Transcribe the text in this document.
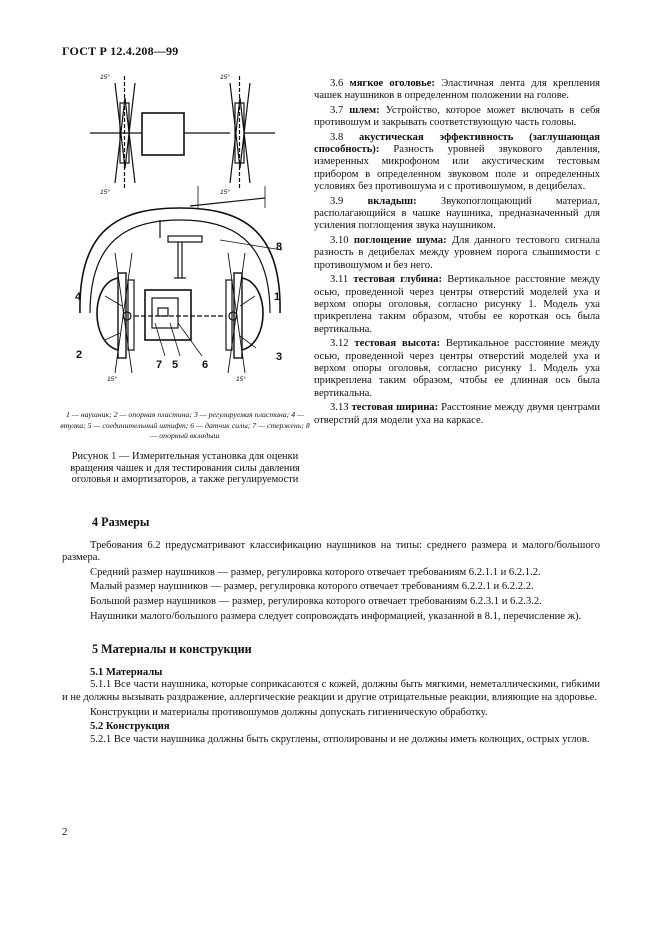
ГОСТ Р 12.4.208—99
15°	15°
15°	15°
15°	15°
1
2	3
4
5 6
7
8
1 — наушник; 2 — опорная пластина; 3 — регулируемая пластина; 4 — втулка; 5 — соединительный штифт; 6 — датчик силы; 7 — стержень; 8 — опорный вкладыш
Рисунок 1 — Измерительная установка для оценки вращения чашек и для тестирования силы давления оголовья и амортизаторов, а также регулируемости

3.6 мягкое оголовье: Эластичная лента для крепления чашек наушников в определенном положении на голове.

3.7 шлем: Устройство, которое может включать в себя противошум и закрывать соответствующую часть головы.

3.8 акустическая эффективность (заглушающая способность): Разность уровней звукового давления, измеренных микрофоном или акустическим тестовым прибором в определенном звуковом поле и определенных условиях без противошума и с противошумом, в децибелах.

3.9 вкладыш: Звукопоглощающий материал, располагающийся в чашке наушника, предназначенный для усиления поглощения звука наушником.

3.10 поглощение шума: Для данного тестового сигнала разность в децибелах между уровнем порога слышимости с противошумом и без него.

3.11 тестовая глубина: Вертикальное расстояние между осью, проведенной через центры отверстий моделей уха и верхом опоры оголовья, согласно рисунку 1. Модель уха прикреплена таким образом, чтобы ее короткая ось была вертикальна.

3.12 тестовая высота: Вертикальное расстояние между осью, проведенной через центры отверстий моделей уха и верхом опоры оголовья, согласно рисунку 1. Модель уха прикреплена таким образом, чтобы ее длинная ось была вертикальна.

3.13 тестовая ширина: Расстояние между двумя центрами отверстий для модели уха на каркасе.

4 Размеры

Требования 6.2 предусматривают классификацию наушников на типы: среднего размера и малого/большого размера.

Средний размер наушников — размер, регулировка которого отвечает требованиям 6.2.1.1 и 6.2.1.2.

Малый размер наушников — размер, регулировка которого отвечает требованиям 6.2.2.1 и 6.2.2.2.

Большой размер наушников — размер, регулировка которого отвечает требованиям 6.2.3.1 и 6.2.3.2.

Наушники малого/большого размера следует сопровождать информацией, указанной в 8.1, перечисление ж).

5 Материалы и конструкции
5.1 Материалы

5.1.1 Все части наушника, которые соприкасаются с кожей, должны быть мягкими, неметаллическими, гибкими и не должны вызывать раздражение, аллергические реакции и другие отрицательные реакции, влияющие на здоровье.

Конструкции и материалы противошумов должны допускать гигиеническую обработку.

5.2 Конструкция

5.2.1 Все части наушника должны быть скруглены, отполированы и не должны иметь колющих, острых углов.

2
